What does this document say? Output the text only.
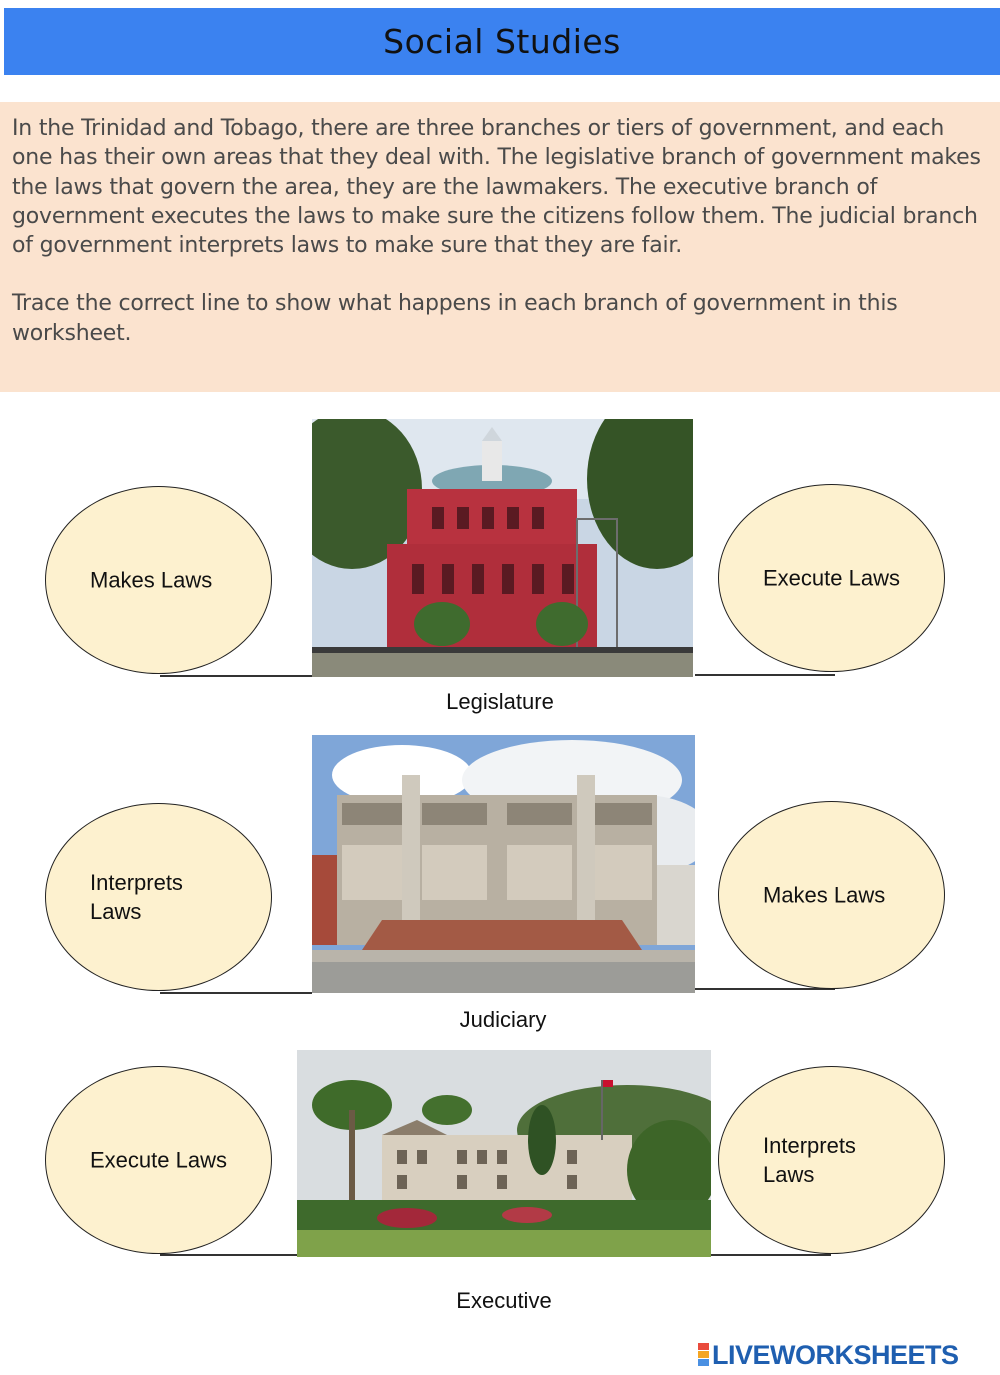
Social Studies

In the Trinidad and Tobago, there are three branches or tiers of government, and each one has their own areas that they deal with. The legislative branch of government makes the laws that govern the area, they are the lawmakers. The executive branch of government executes the laws to make sure the citizens follow them. The judicial branch of government interprets laws to make sure that they are fair.

Trace the correct line to show what happens in each branch of government in this worksheet.

Makes Laws	Execute Laws
Legislature
Interprets Laws
Makes Laws
Judiciary
Execute Laws
Interprets Laws
Executive
LIVEWORKSHEETS
